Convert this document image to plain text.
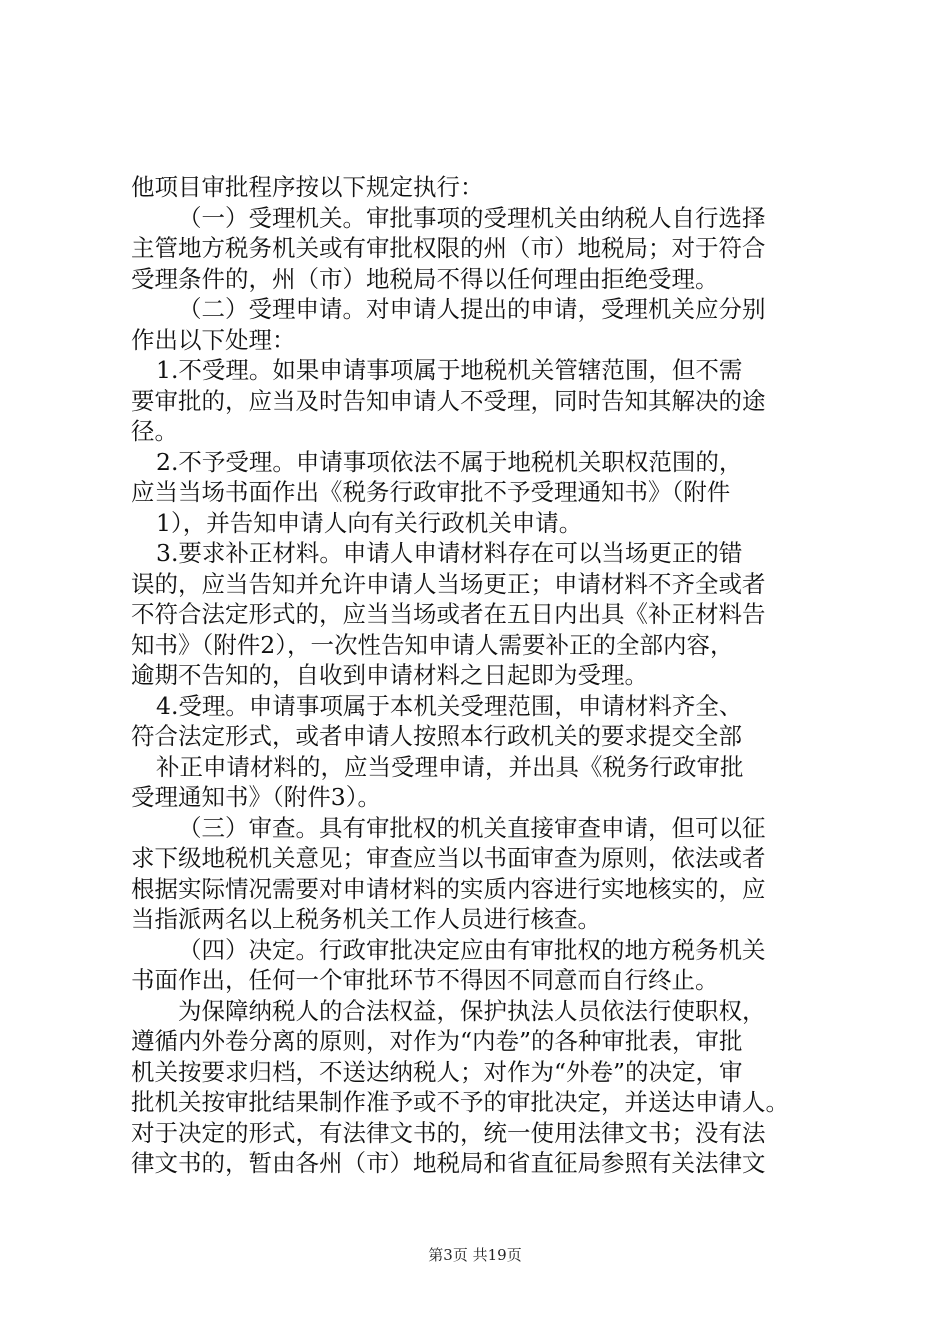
他项目审批程序按以下规定执行：
（一）受理机关。审批事项的受理机关由纳税人自行选择
主管地方税务机关或有审批权限的州（市）地税局；对于符合
受理条件的，州（市）地税局不得以任何理由拒绝受理。
（二）受理申请。对申请人提出的申请，受理机关应分别
作出以下处理：
1.不受理。如果申请事项属于地税机关管辖范围，但不需
要审批的，应当及时告知申请人不受理，同时告知其解决的途
径。
2.不予受理。申请事项依法不属于地税机关职权范围的，
应当当场书面作出《税务行政审批不予受理通知书》（附件
1），并告知申请人向有关行政机关申请。
3.要求补正材料。申请人申请材料存在可以当场更正的错
误的，应当告知并允许申请人当场更正；申请材料不齐全或者
不符合法定形式的，应当当场或者在五日内出具《补正材料告
知书》（附件2），一次性告知申请人需要补正的全部内容，
逾期不告知的，自收到申请材料之日起即为受理。
4.受理。申请事项属于本机关受理范围，申请材料齐全、
符合法定形式，或者申请人按照本行政机关的要求提交全部
补正申请材料的，应当受理申请，并出具《税务行政审批
受理通知书》（附件3）。
（三）审查。具有审批权的机关直接审查申请，但可以征
求下级地税机关意见；审查应当以书面审查为原则，依法或者
根据实际情况需要对申请材料的实质内容进行实地核实的，应
当指派两名以上税务机关工作人员进行核查。
（四）决定。行政审批决定应由有审批权的地方税务机关
书面作出，任何一个审批环节不得因不同意而自行终止。
为保障纳税人的合法权益，保护执法人员依法行使职权，
遵循内外卷分离的原则，对作为“内卷”的各种审批表，审批
机关按要求归档，不送达纳税人；对作为“外卷”的决定，审
批机关按审批结果制作准予或不予的审批决定，并送达申请人。
对于决定的形式，有法律文书的，统一使用法律文书；没有法
律文书的，暂由各州（市）地税局和省直征局参照有关法律文
第3页 共19页
